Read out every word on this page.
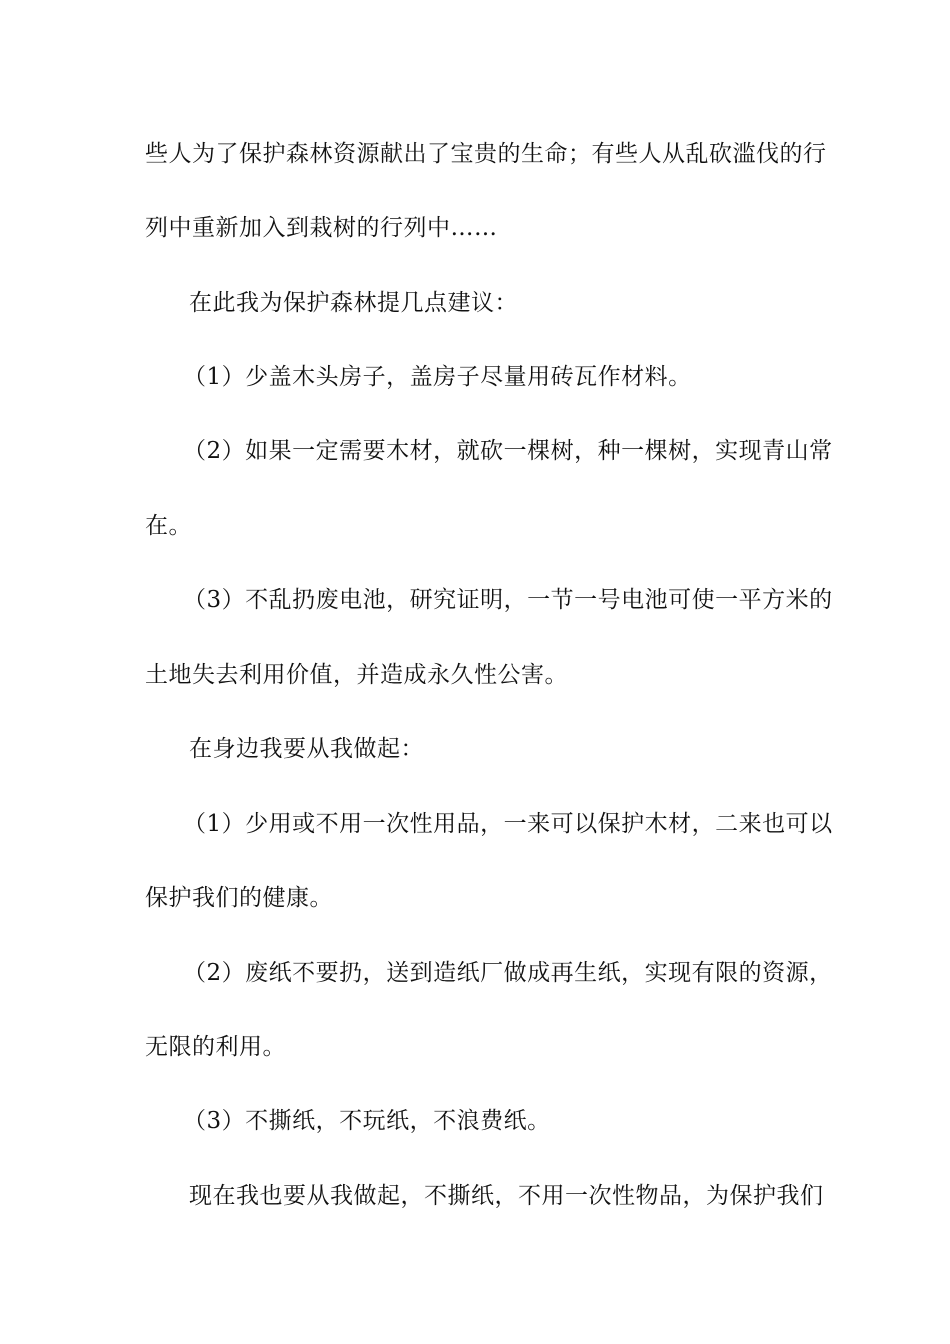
些人为了保护森林资源献出了宝贵的生命；有些人从乱砍滥伐的行
列中重新加入到栽树的行列中……
在此我为保护森林提几点建议：
（1）少盖木头房子，盖房子尽量用砖瓦作材料。
（2）如果一定需要木材，就砍一棵树，种一棵树，实现青山常
在。
（3）不乱扔废电池，研究证明，一节一号电池可使一平方米的
土地失去利用价值，并造成永久性公害。
在身边我要从我做起：
（1）少用或不用一次性用品，一来可以保护木材，二来也可以
保护我们的健康。
（2）废纸不要扔，送到造纸厂做成再生纸，实现有限的资源，
无限的利用。
（3）不撕纸，不玩纸，不浪费纸。
现在我也要从我做起，不撕纸，不用一次性物品，为保护我们
